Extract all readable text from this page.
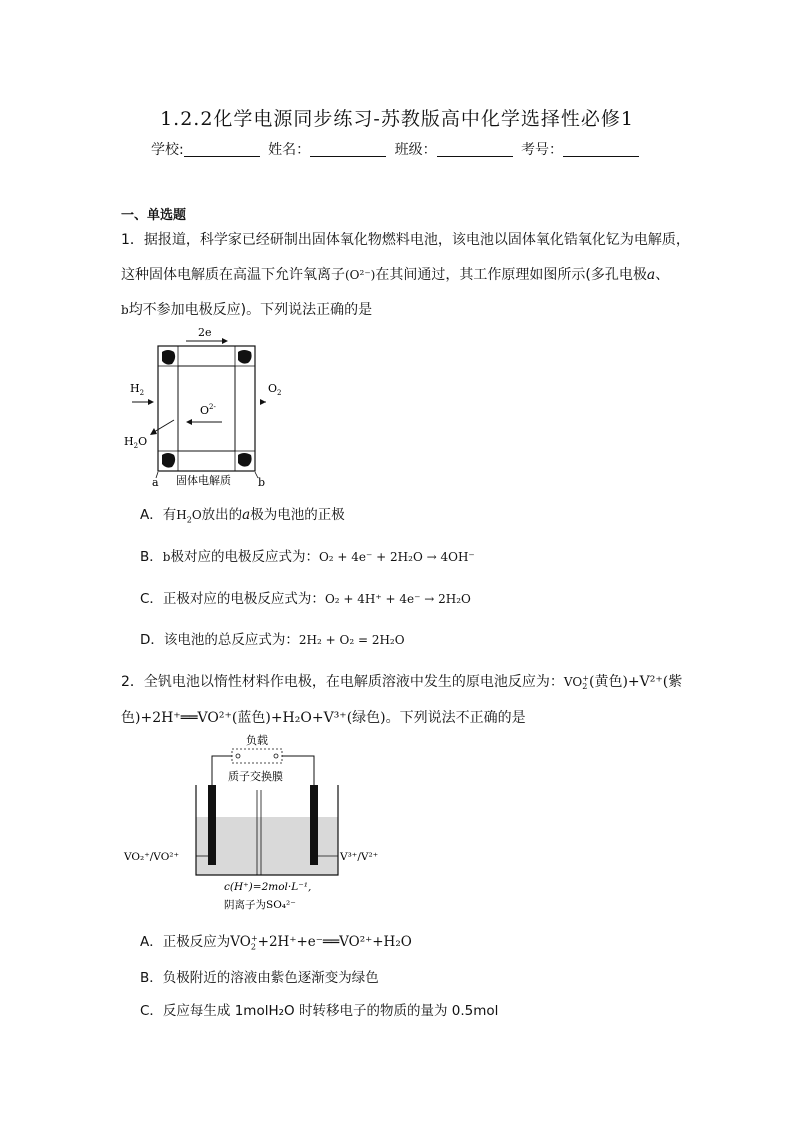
1.2.2化学电源同步练习-苏教版高中化学选择性必修1
学校:	姓名：	班级：	考号：
一、单选题
1．据报道，科学家已经研制出固体氧化物燃料电池，该电池以固体氧化锆氧化钇为电解质，
这种固体电解质在高温下允许氧离子(O²⁻)在其间通过，其工作原理如图所示(多孔电极a、
b均不参加电极反应)。下列说法正确的是
2e
$H_2$	$O_2$
$O^{2-}$
$H_2O$
a	b
固体电解质
A．有$H_2O$放出的a极为电池的正极
B．b极对应的电极反应式为：O₂ + 4e⁻ + 2H₂O → 4OH⁻
C．正极对应的电极反应式为：O₂ + 4H⁺ + 4e⁻ → 2H₂O
D．该电池的总反应式为：2H₂ + O₂ = 2H₂O
2．全钒电池以惰性材料作电极，在电解质溶液中发生的原电池反应为：$VO_2^+$(黄色)+V²⁺(紫
色)+2H⁺══VO²⁺(蓝色)+H₂O+V³⁺(绿色)。下列说法不正确的是
负载
质子交换膜
VO₂⁺/VO²⁺	V³⁺/V²⁺
c(H⁺)=2mol·L⁻¹,
阴离子为SO₄²⁻
A．正极反应为$VO_2^++2H^++e^-══VO^{2+}+H_2O$
B．负极附近的溶液由紫色逐渐变为绿色
C．反应每生成 1molH₂O 时转移电子的物质的量为 0.5mol
